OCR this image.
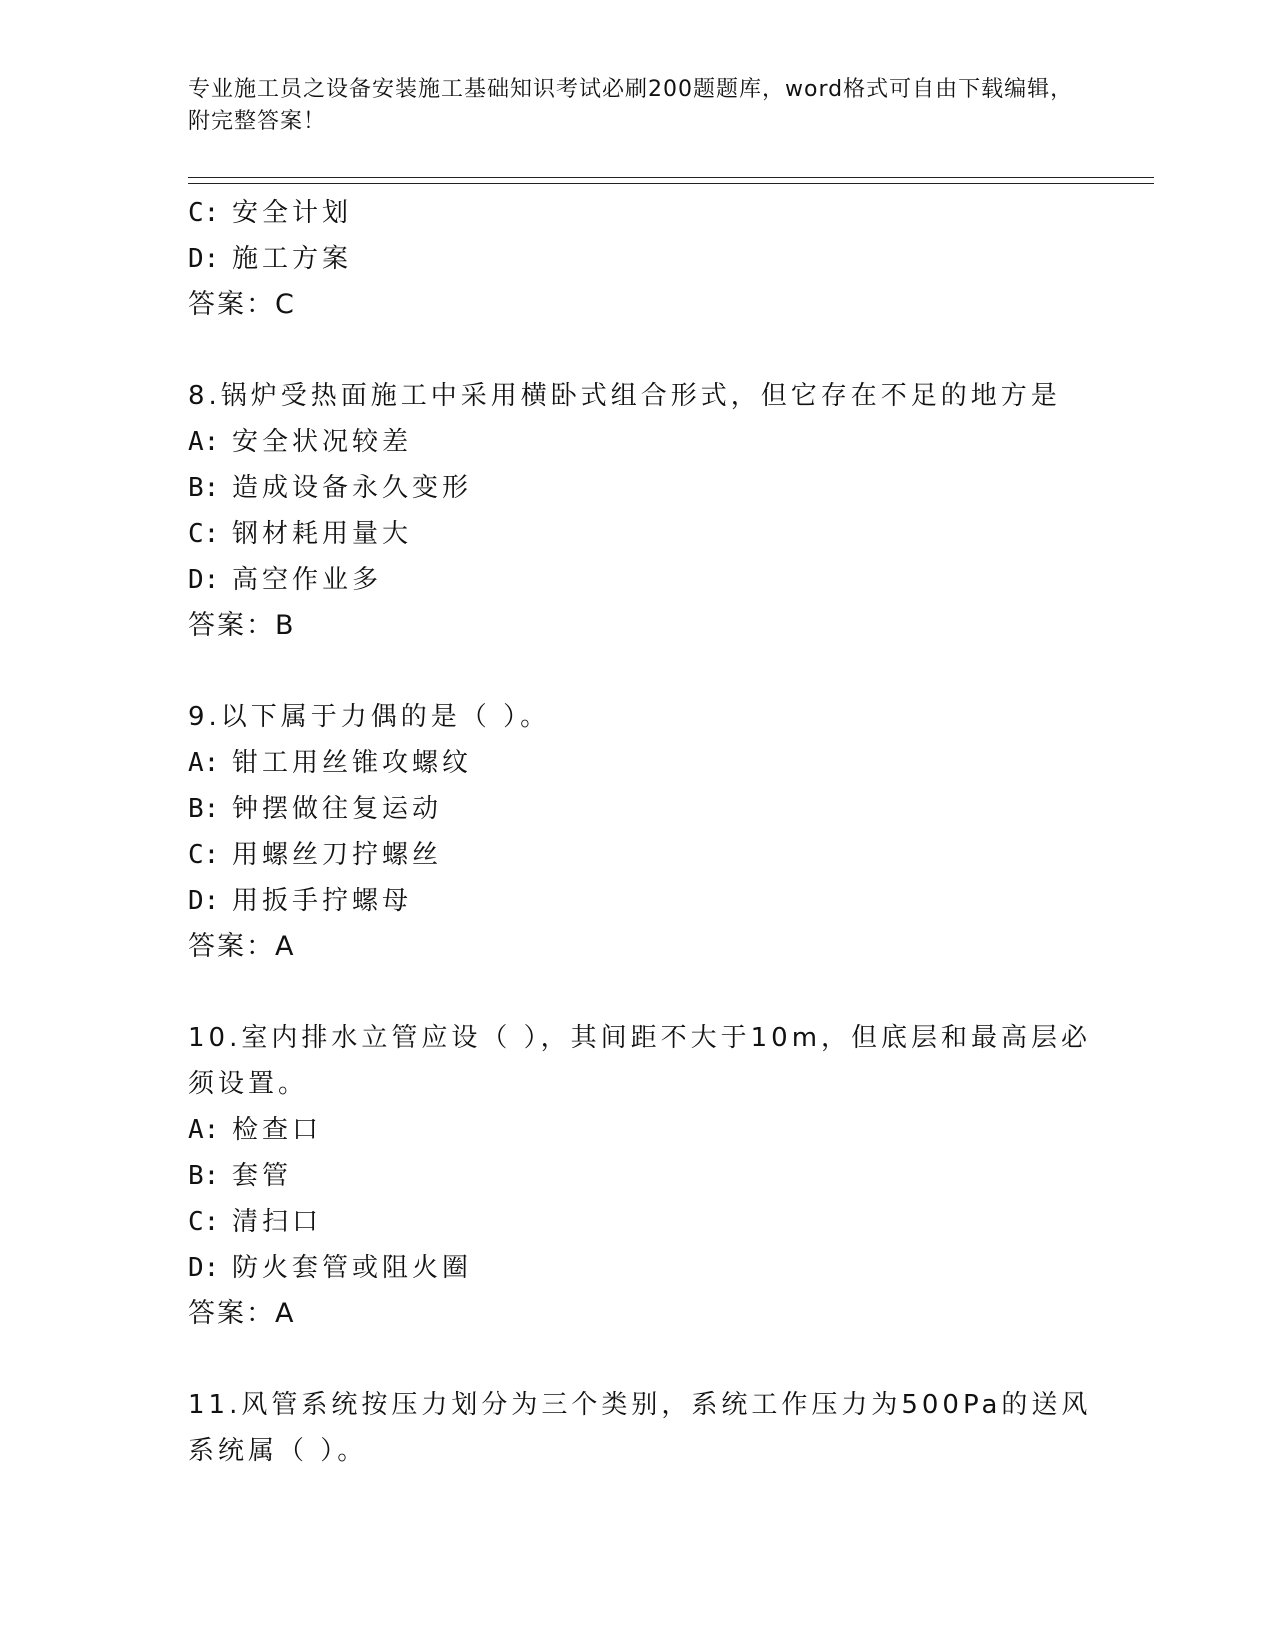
专业施工员之设备安装施工基础知识考试必刷200题题库，word格式可自由下载编辑，附完整答案！
C: 安全计划
D: 施工方案
答案：C
8.锅炉受热面施工中采用横卧式组合形式，但它存在不足的地方是
A: 安全状况较差
B: 造成设备永久变形
C: 钢材耗用量大
D: 高空作业多
答案：B
9.以下属于力偶的是（ ）。
A: 钳工用丝锥攻螺纹
B: 钟摆做往复运动
C: 用螺丝刀拧螺丝
D: 用扳手拧螺母
答案：A
10.室内排水立管应设（ ），其间距不大于10m，但底层和最高层必须设置。
A: 检查口
B: 套管
C: 清扫口
D: 防火套管或阻火圈
答案：A
11.风管系统按压力划分为三个类别，系统工作压力为500Pa的送风系统属（ ）。
